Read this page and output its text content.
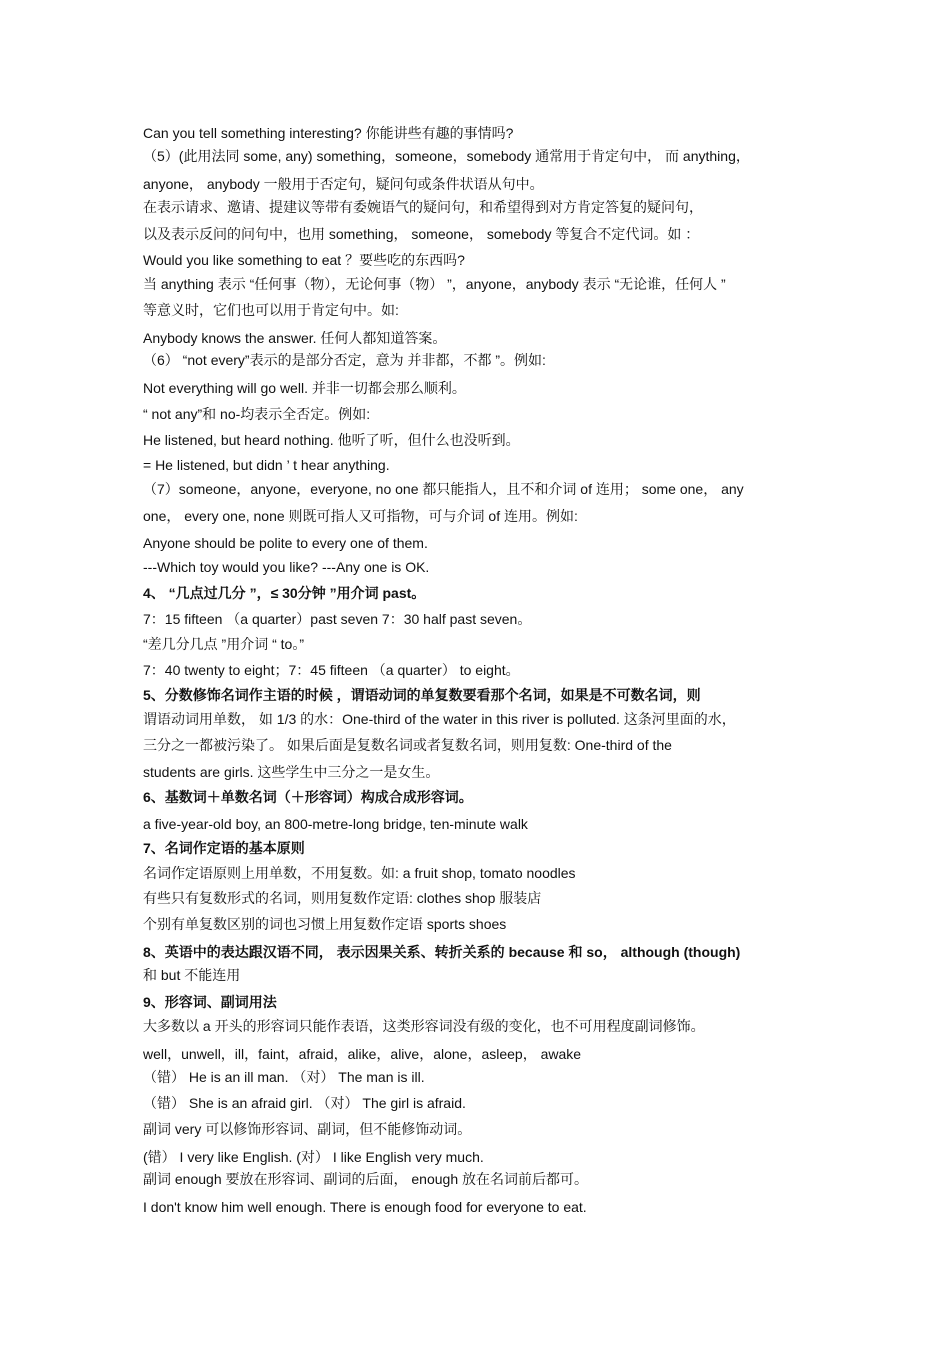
Can you tell something interesting? 你能讲些有趣的事情吗?
（5）(此用法同 some, any) something，someone，somebody 通常用于肯定句中， 而 anything，
anyone， anybody 一般用于否定句，疑问句或条件状语从句中。
在表示请求、邀请、提建议等带有委婉语气的疑问句，和希望得到对方肯定答复的疑问句，
以及表示反问的问句中，也用 something， someone， somebody 等复合不定代词。如 ：
Would you like something to eat ？要些吃的东西吗?
当 anything 表示 “任何事（物），无论何事（物） ”，anyone，anybody 表示 “无论谁，任何人 ”
等意义时，它们也可以用于肯定句中。如:
Anybody knows the answer. 任何人都知道答案。
（6） “not every”表示的是部分否定，意为 并非都，不都 ”。例如:
Not everything will go well. 并非一切都会那么顺利。
“ not any”和 no-均表示全否定。例如:
He listened, but heard nothing. 他听了听，但什么也没听到。
= He listened, but didn ’ t hear anything.
（7）someone，anyone，everyone, no one 都只能指人，且不和介词 of 连用； some one， any
one， every one, none 则既可指人又可指物，可与介词 of 连用。例如:
Anyone should be polite to every one of them.
---Which toy would you like? ---Any one is OK.
4、 “几点过几分 ”，≤ 30分钟 ”用介词 past。
7：15 fifteen （a quarter）past seven 7：30 half past seven。
“差几分几点 ”用介词 “ to。”
7：40 twenty to eight；7：45 fifteen （a quarter） to eight。
5、分数修饰名词作主语的时候 ，谓语动词的单复数要看那个名词，如果是不可数名词，则
谓语动词用单数， 如 1/3 的水：One-third of the water in this river is polluted. 这条河里面的水，
三分之一都被污染了。 如果后面是复数名词或者复数名词，则用复数: One-third of the
students are girls. 这些学生中三分之一是女生。
6、基数词＋单数名词（＋形容词）构成合成形容词。
a five-year-old boy, an 800-metre-long bridge, ten-minute walk
7、名词作定语的基本原则
名词作定语原则上用单数，不用复数。如: a fruit shop, tomato noodles
有些只有复数形式的名词，则用复数作定语: clothes shop 服装店
个别有单复数区别的词也习惯上用复数作定语 sports shoes
8、英语中的表达跟汉语不同， 表示因果关系、转折关系的 because 和 so， although (though)
和 but 不能连用
9、形容词、副词用法
大多数以 a 开头的形容词只能作表语，这类形容词没有级的变化，也不可用程度副词修饰。
well，unwell，ill，faint，afraid，alike，alive，alone，asleep， awake
（错） He is an ill man. （对） The man is ill.
（错） She is an afraid girl. （对） The girl is afraid.
副词 very 可以修饰形容词、副词，但不能修饰动词。
(错） I very like English. (对） I like English very much.
副词 enough 要放在形容词、副词的后面， enough 放在名词前后都可。
I don't know him well enough. There is enough food for everyone to eat.
